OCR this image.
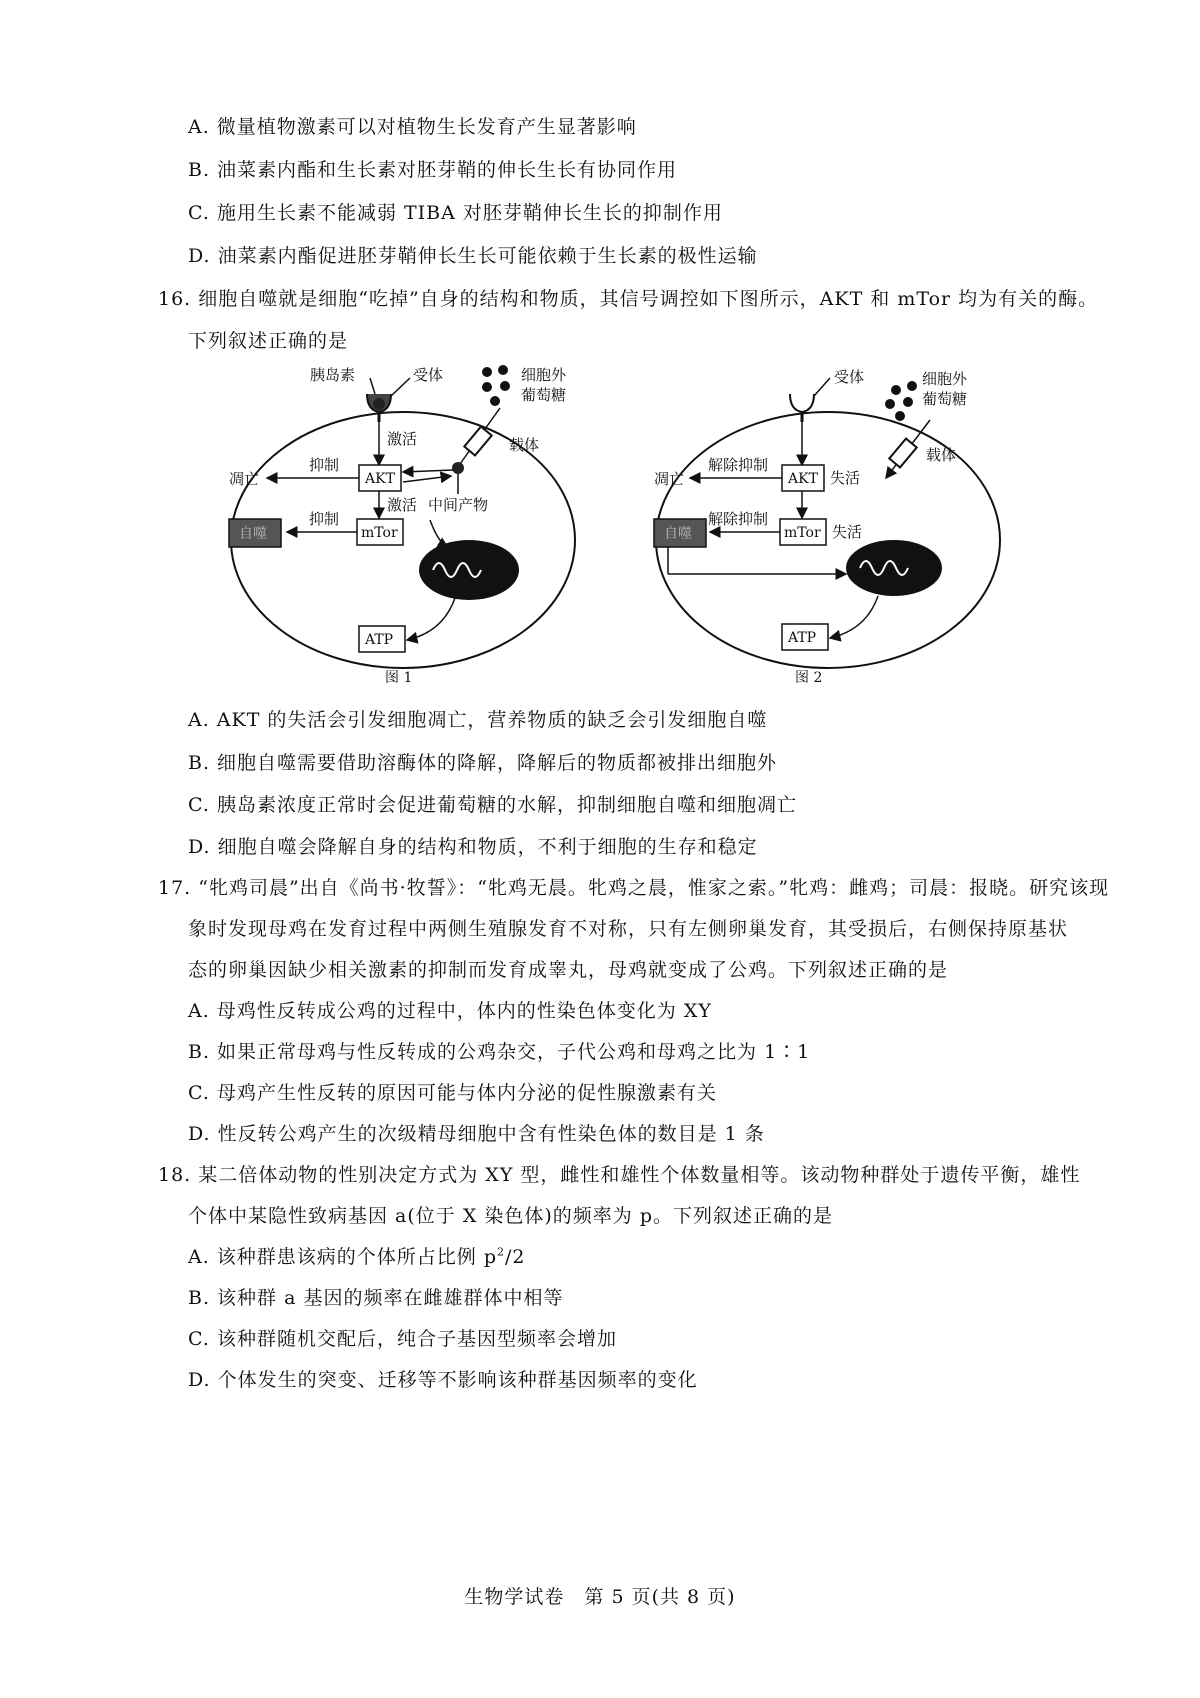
A. 微量植物激素可以对植物生长发育产生显著影响
B. 油菜素内酯和生长素对胚芽鞘的伸长生长有协同作用
C. 施用生长素不能减弱 TIBA 对胚芽鞘伸长生长的抑制作用
D. 油菜素内酯促进胚芽鞘伸长生长可能依赖于生长素的极性运输
16. 细胞自噬就是细胞“吃掉”自身的结构和物质，其信号调控如下图所示，AKT 和 mTor 均为有关的酶。
下列叙述正确的是
胰岛素	受体	细胞外
葡萄糖
载体
激活
AKT
抑制
凋亡
激活 中间产物
mTor
抑制
自噬
ATP
图 1
受体	细胞外
葡萄糖
载体
AKT 失活
解除抑制
凋亡
mTor 失活
解除抑制
自噬
ATP
图 2
A. AKT 的失活会引发细胞凋亡，营养物质的缺乏会引发细胞自噬
B. 细胞自噬需要借助溶酶体的降解，降解后的物质都被排出细胞外
C. 胰岛素浓度正常时会促进葡萄糖的水解，抑制细胞自噬和细胞凋亡
D. 细胞自噬会降解自身的结构和物质，不利于细胞的生存和稳定
17. “牝鸡司晨”出自《尚书·牧誓》：“牝鸡无晨。牝鸡之晨，惟家之索。”牝鸡：雌鸡；司晨：报晓。研究该现
象时发现母鸡在发育过程中两侧生殖腺发育不对称，只有左侧卵巢发育，其受损后，右侧保持原基状
态的卵巢因缺少相关激素的抑制而发育成睾丸，母鸡就变成了公鸡。下列叙述正确的是
A. 母鸡性反转成公鸡的过程中，体内的性染色体变化为 XY
B. 如果正常母鸡与性反转成的公鸡杂交，子代公鸡和母鸡之比为 1∶1
C. 母鸡产生性反转的原因可能与体内分泌的促性腺激素有关
D. 性反转公鸡产生的次级精母细胞中含有性染色体的数目是 1 条
18. 某二倍体动物的性别决定方式为 XY 型，雌性和雄性个体数量相等。该动物种群处于遗传平衡，雄性
个体中某隐性致病基因 a(位于 X 染色体)的频率为 p。下列叙述正确的是
A. 该种群患该病的个体所占比例 $p^2/2$
B. 该种群 a 基因的频率在雌雄群体中相等
C. 该种群随机交配后，纯合子基因型频率会增加
D. 个体发生的突变、迁移等不影响该种群基因频率的变化
生物学试卷　第 5 页(共 8 页)
